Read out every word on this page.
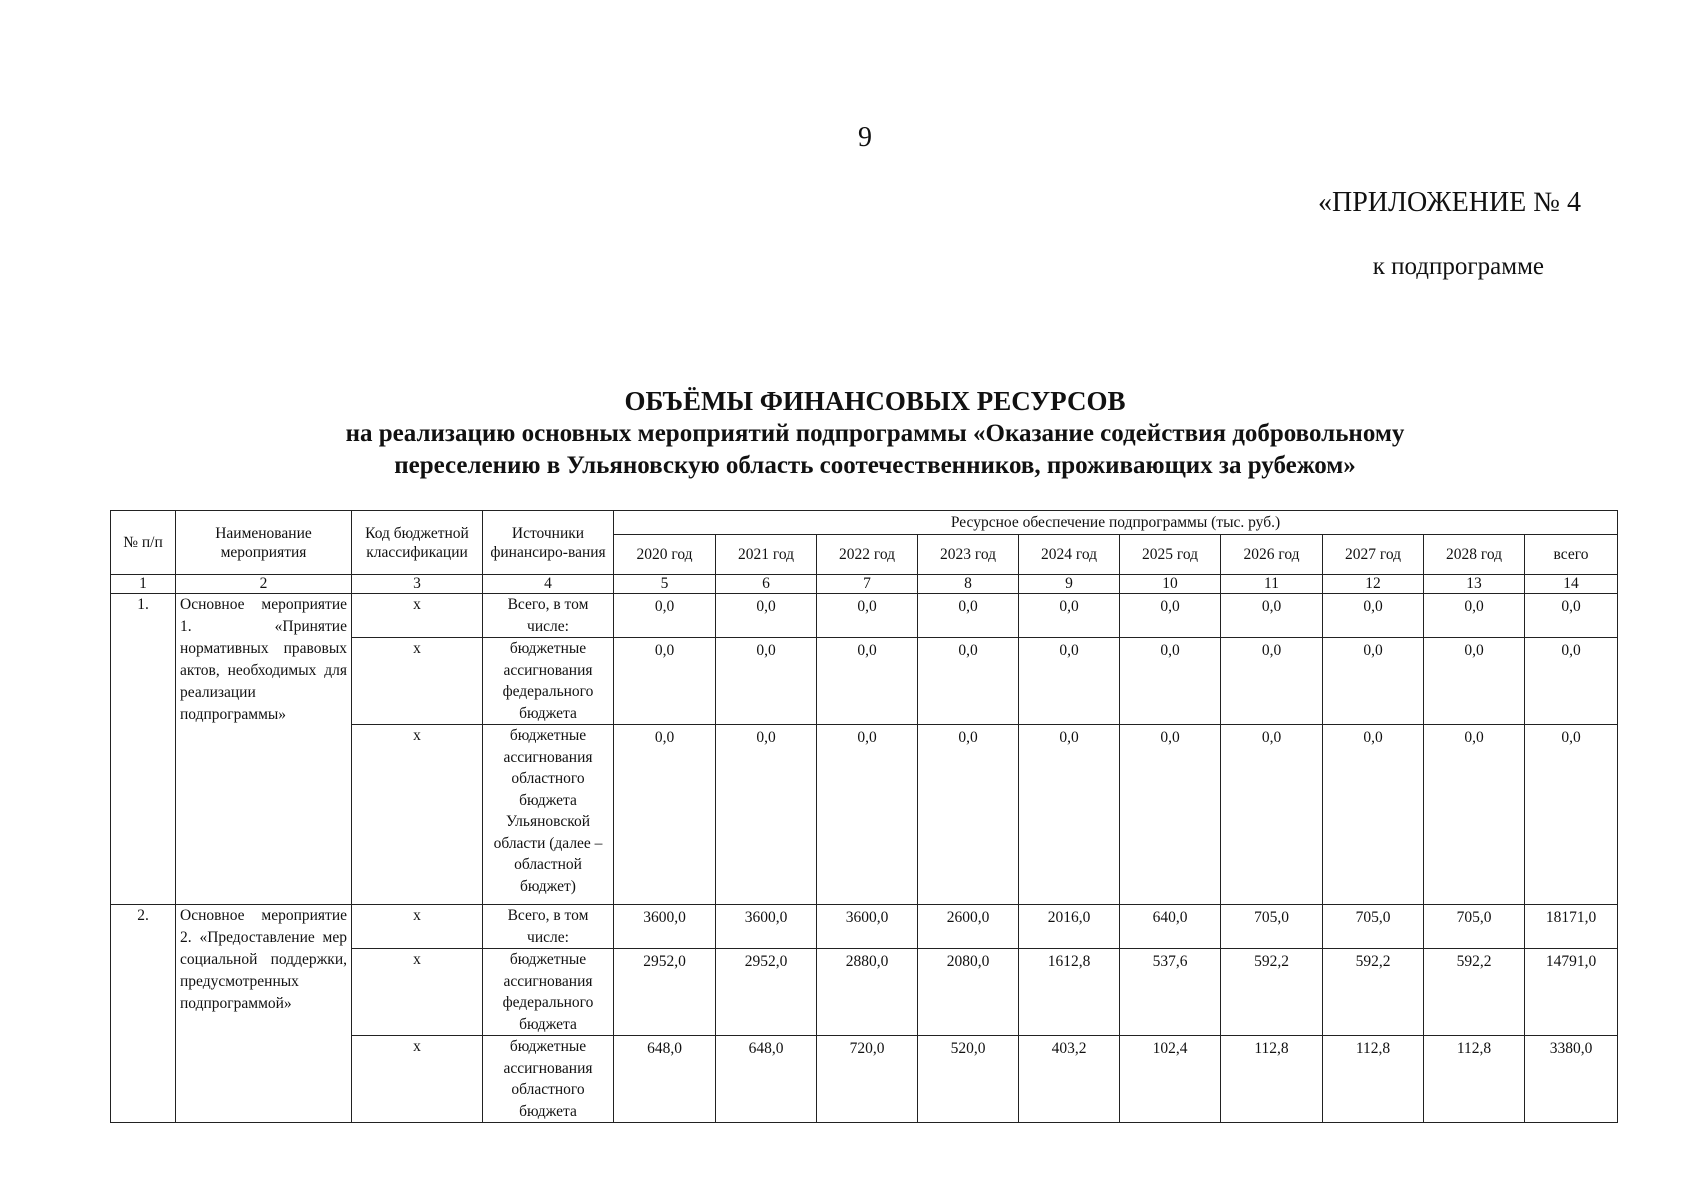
9
«ПРИЛОЖЕНИЕ № 4
к подпрограмме
ОБЪЁМЫ ФИНАНСОВЫХ РЕСУРСОВ
на реализацию основных мероприятий подпрограммы «Оказание содействия добровольному
переселению в Ульяновскую область соотечественников, проживающих за рубежом»
№ п/п	Наименование мероприятия	Код бюджетной классификации	Источники финансиро-вания	Ресурсное обеспечение подпрограммы (тыс. руб.)									
				2020 год	2021 год	2022 год	2023 год	2024 год	2025 год	2026 год	2027 год	2028 год	всего
1	2	3	4	5	6	7	8	9	10	11	12	13	14
1.	Основное мероприятие 1. «Принятие нормативных правовых актов, необходимых для реализации подпрограммы»	х	Всего, в том числе:	0,0	0,0	0,0	0,0	0,0	0,0	0,0	0,0	0,0	0,0
		х	бюджетные ассигнования федерального бюджета	0,0	0,0	0,0	0,0	0,0	0,0	0,0	0,0	0,0	0,0
		х	бюджетные ассигнования областного бюджета Ульяновской области (далее – областной бюджет)	0,0	0,0	0,0	0,0	0,0	0,0	0,0	0,0	0,0	0,0
2.	Основное мероприятие 2. «Предоставление мер социальной поддержки, предусмотренных подпрограммой»	х	Всего, в том числе:	3600,0	3600,0	3600,0	2600,0	2016,0	640,0	705,0	705,0	705,0	18171,0
		х	бюджетные ассигнования федерального бюджета	2952,0	2952,0	2880,0	2080,0	1612,8	537,6	592,2	592,2	592,2	14791,0
		х	бюджетные ассигнования областного бюджета	648,0	648,0	720,0	520,0	403,2	102,4	112,8	112,8	112,8	3380,0
